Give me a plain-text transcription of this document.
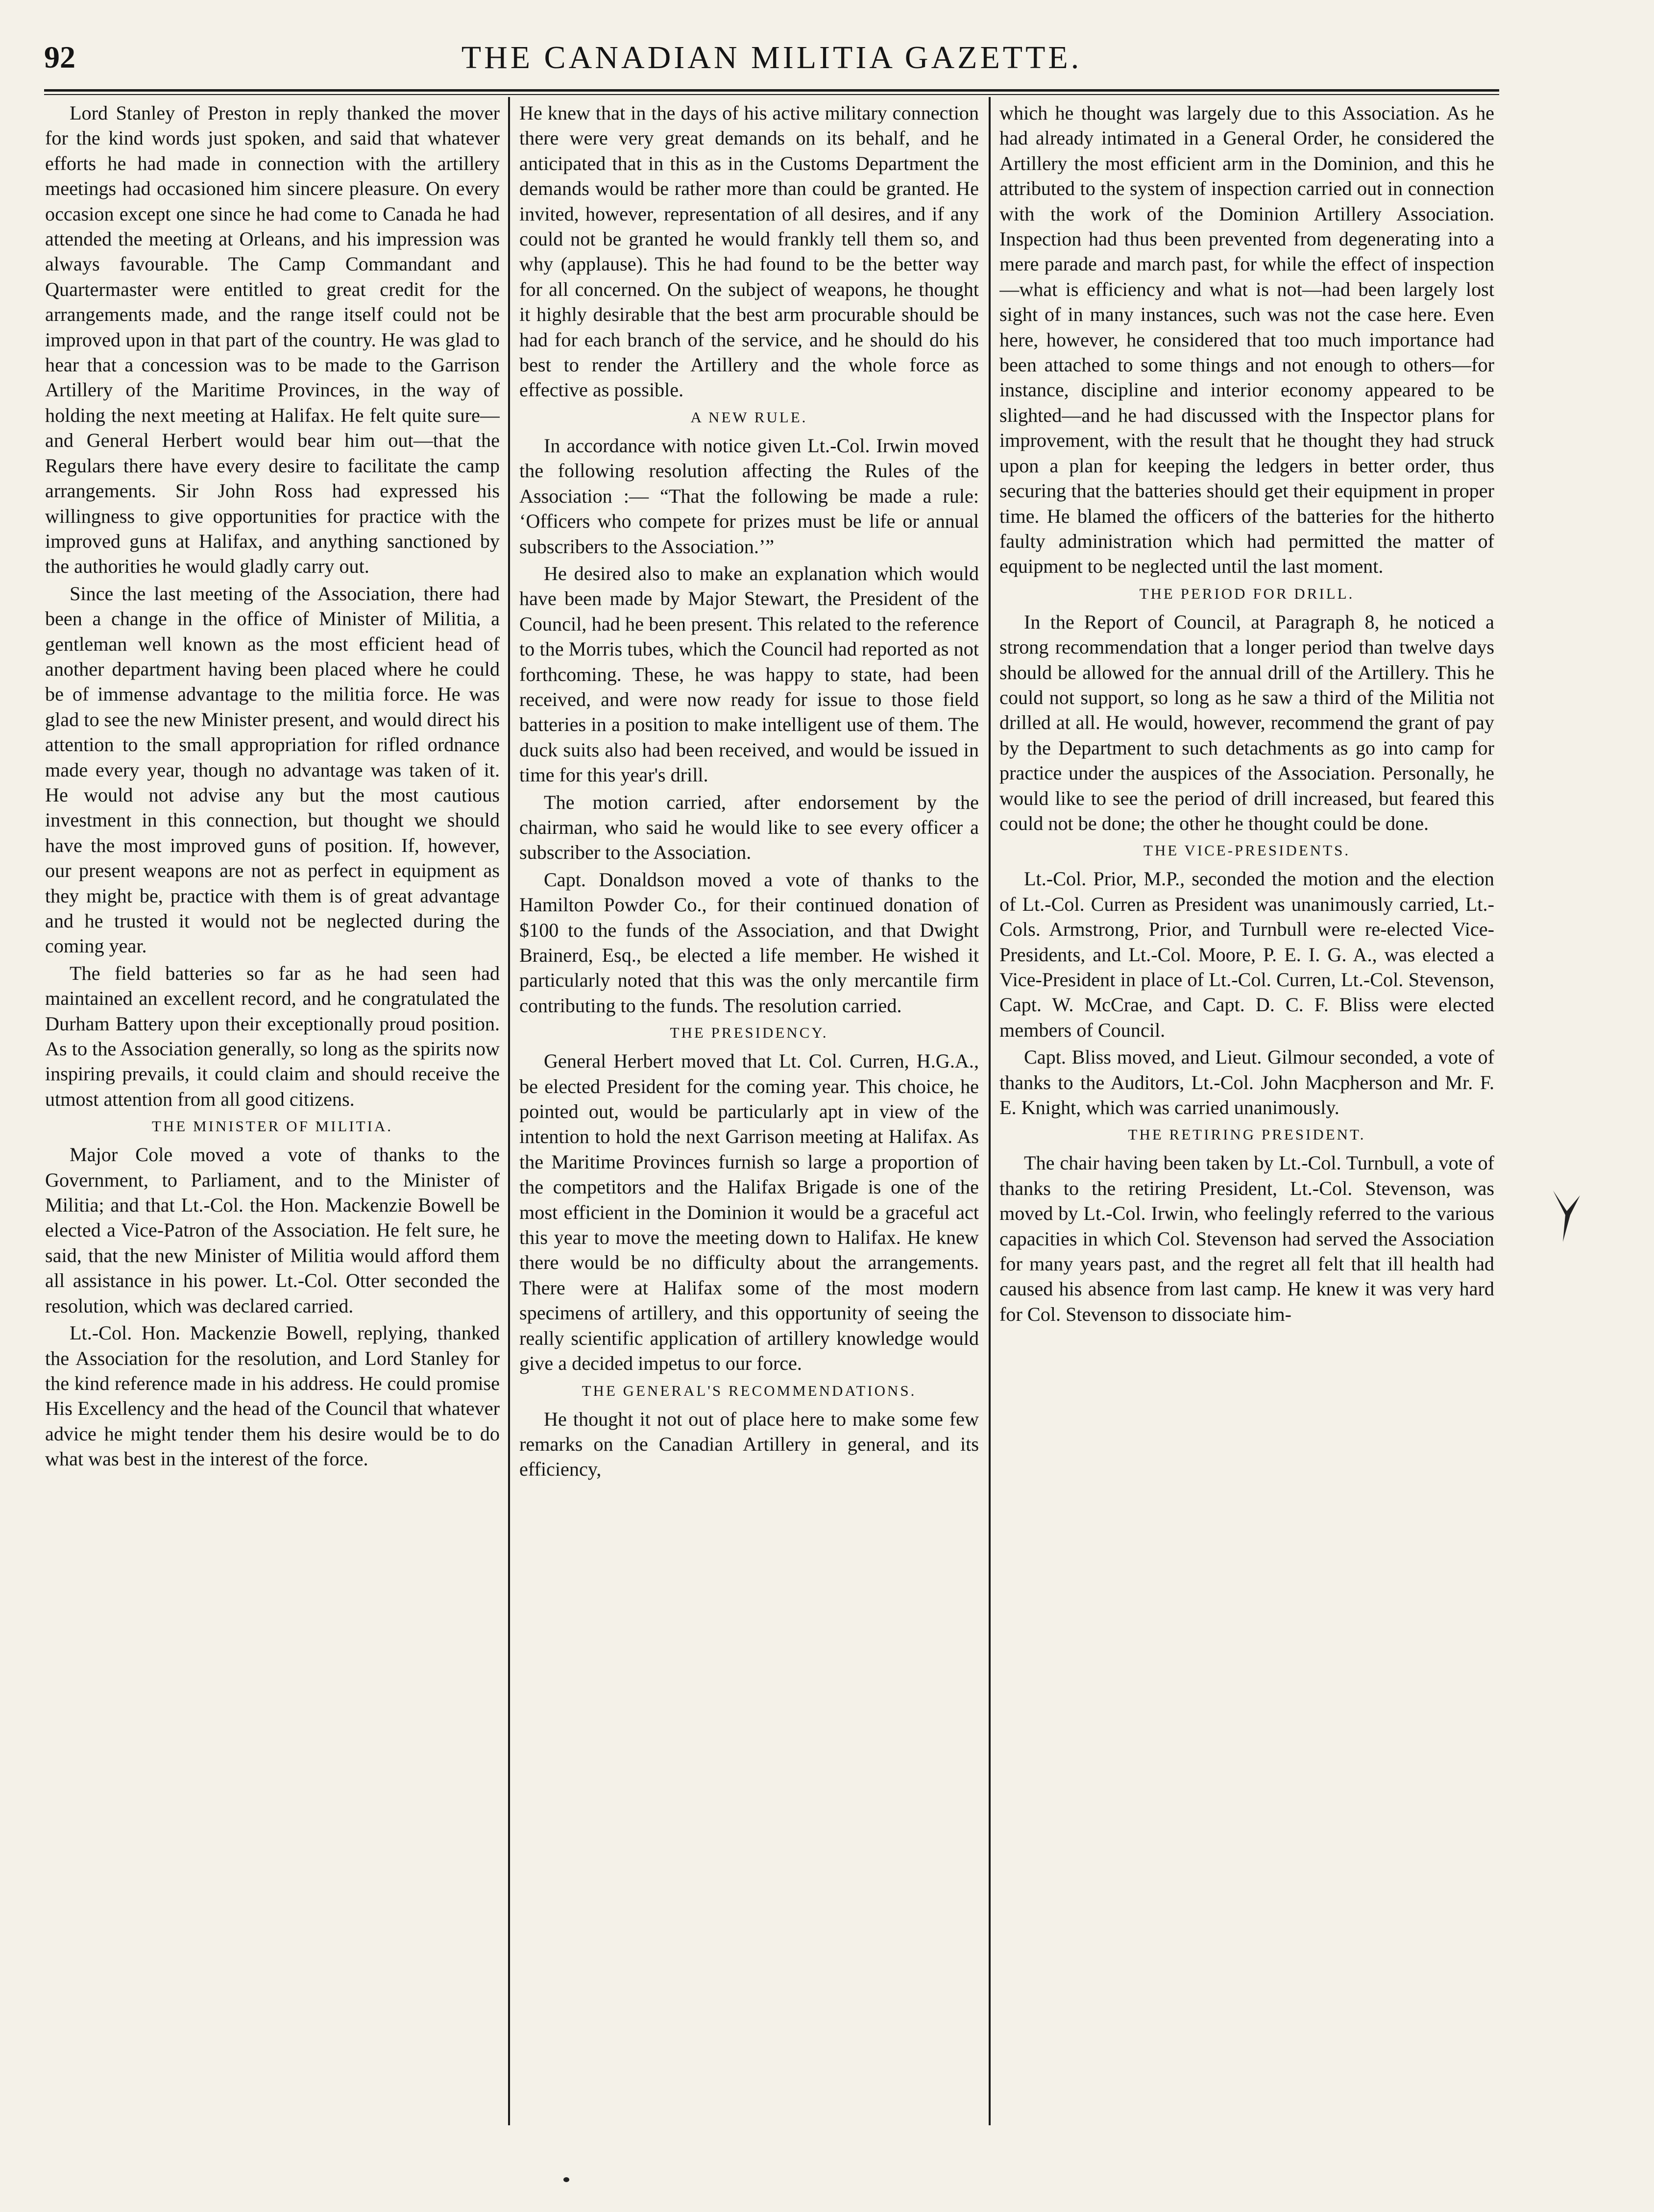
92	THE CANADIAN MILITIA GAZETTE.

Lord Stanley of Preston in reply thanked the mover for the kind words just spoken, and said that whatever efforts he had made in connection with the artillery meetings had occasioned him sincere pleasure. On every occasion except one since he had come to Canada he had attended the meeting at Orleans, and his impression was always favourable. The Camp Commandant and Quartermaster were entitled to great credit for the arrangements made, and the range itself could not be improved upon in that part of the country. He was glad to hear that a concession was to be made to the Garrison Artillery of the Maritime Provinces, in the way of holding the next meeting at Halifax. He felt quite sure—and General Herbert would bear him out—that the Regulars there have every desire to facilitate the camp arrangements. Sir John Ross had expressed his willingness to give opportunities for practice with the improved guns at Halifax, and anything sanctioned by the authorities he would gladly carry out.

Since the last meeting of the Association, there had been a change in the office of Minister of Militia, a gentleman well known as the most efficient head of another department having been placed where he could be of immense advantage to the militia force. He was glad to see the new Minister present, and would direct his attention to the small appropriation for rifled ordnance made every year, though no advantage was taken of it. He would not advise any but the most cautious investment in this connection, but thought we should have the most improved guns of position. If, however, our present weapons are not as perfect in equipment as they might be, practice with them is of great advantage and he trusted it would not be neglected during the coming year.

The field batteries so far as he had seen had maintained an excellent record, and he congratulated the Durham Battery upon their exceptionally proud position. As to the Association generally, so long as the spirits now inspiring prevails, it could claim and should receive the utmost attention from all good citizens.

THE MINISTER OF MILITIA.

Major Cole moved a vote of thanks to the Government, to Parliament, and to the Minister of Militia; and that Lt.-Col. the Hon. Mackenzie Bowell be elected a Vice-Patron of the Association. He felt sure, he said, that the new Minister of Militia would afford them all assistance in his power. Lt.-Col. Otter seconded the resolution, which was declared carried.

Lt.-Col. Hon. Mackenzie Bowell, replying, thanked the Association for the resolution, and Lord Stanley for the kind reference made in his address. He could promise His Excellency and the head of the Council that whatever advice he might tender them his desire would be to do what was best in the interest of the force.

He knew that in the days of his active military connection there were very great demands on its behalf, and he anticipated that in this as in the Customs Department the demands would be rather more than could be granted. He invited, however, representation of all desires, and if any could not be granted he would frankly tell them so, and why (applause). This he had found to be the better way for all concerned. On the subject of weapons, he thought it highly desirable that the best arm procurable should be had for each branch of the service, and he should do his best to render the Artillery and the whole force as effective as possible.

A NEW RULE.

In accordance with notice given Lt.-Col. Irwin moved the following resolution affecting the Rules of the Association :— “That the following be made a rule: ‘Officers who compete for prizes must be life or annual subscribers to the Association.’”

He desired also to make an explanation which would have been made by Major Stewart, the President of the Council, had he been present. This related to the reference to the Morris tubes, which the Council had reported as not forthcoming. These, he was happy to state, had been received, and were now ready for issue to those field batteries in a position to make intelligent use of them. The duck suits also had been received, and would be issued in time for this year's drill.

The motion carried, after endorsement by the chairman, who said he would like to see every officer a subscriber to the Association.

Capt. Donaldson moved a vote of thanks to the Hamilton Powder Co., for their continued donation of $100 to the funds of the Association, and that Dwight Brainerd, Esq., be elected a life member. He wished it particularly noted that this was the only mercantile firm contributing to the funds. The resolution carried.

THE PRESIDENCY.

General Herbert moved that Lt. Col. Curren, H.G.A., be elected President for the coming year. This choice, he pointed out, would be particularly apt in view of the intention to hold the next Garrison meeting at Halifax. As the Maritime Provinces furnish so large a proportion of the competitors and the Halifax Brigade is one of the most efficient in the Dominion it would be a graceful act this year to move the meeting down to Halifax. He knew there would be no difficulty about the arrangements. There were at Halifax some of the most modern specimens of artillery, and this opportunity of seeing the really scientific application of artillery knowledge would give a decided impetus to our force.

THE GENERAL'S RECOMMENDATIONS.

He thought it not out of place here to make some few remarks on the Canadian Artillery in general, and its efficiency,

which he thought was largely due to this Association. As he had already intimated in a General Order, he considered the Artillery the most efficient arm in the Dominion, and this he attributed to the system of inspection carried out in connection with the work of the Dominion Artillery Association. Inspection had thus been prevented from degenerating into a mere parade and march past, for while the effect of inspection—what is efficiency and what is not—had been largely lost sight of in many instances, such was not the case here. Even here, however, he considered that too much importance had been attached to some things and not enough to others—for instance, discipline and interior economy appeared to be slighted—and he had discussed with the Inspector plans for improvement, with the result that he thought they had struck upon a plan for keeping the ledgers in better order, thus securing that the batteries should get their equipment in proper time. He blamed the officers of the batteries for the hitherto faulty administration which had permitted the matter of equipment to be neglected until the last moment.

THE PERIOD FOR DRILL.

In the Report of Council, at Paragraph 8, he noticed a strong recommendation that a longer period than twelve days should be allowed for the annual drill of the Artillery. This he could not support, so long as he saw a third of the Militia not drilled at all. He would, however, recommend the grant of pay by the Department to such detachments as go into camp for practice under the auspices of the Association. Personally, he would like to see the period of drill increased, but feared this could not be done; the other he thought could be done.

THE VICE-PRESIDENTS.

Lt.-Col. Prior, M.P., seconded the motion and the election of Lt.-Col. Curren as President was unanimously carried, Lt.-Cols. Armstrong, Prior, and Turnbull were re-elected Vice-Presidents, and Lt.-Col. Moore, P. E. I. G. A., was elected a Vice-President in place of Lt.-Col. Curren, Lt.-Col. Stevenson, Capt. W. McCrae, and Capt. D. C. F. Bliss were elected members of Council.

Capt. Bliss moved, and Lieut. Gilmour seconded, a vote of thanks to the Auditors, Lt.-Col. John Macpherson and Mr. F. E. Knight, which was carried unanimously.

THE RETIRING PRESIDENT.

The chair having been taken by Lt.-Col. Turnbull, a vote of thanks to the retiring President, Lt.-Col. Stevenson, was moved by Lt.-Col. Irwin, who feelingly referred to the various capacities in which Col. Stevenson had served the Association for many years past, and the regret all felt that ill health had caused his absence from last camp. He knew it was very hard for Col. Stevenson to dissociate him-
